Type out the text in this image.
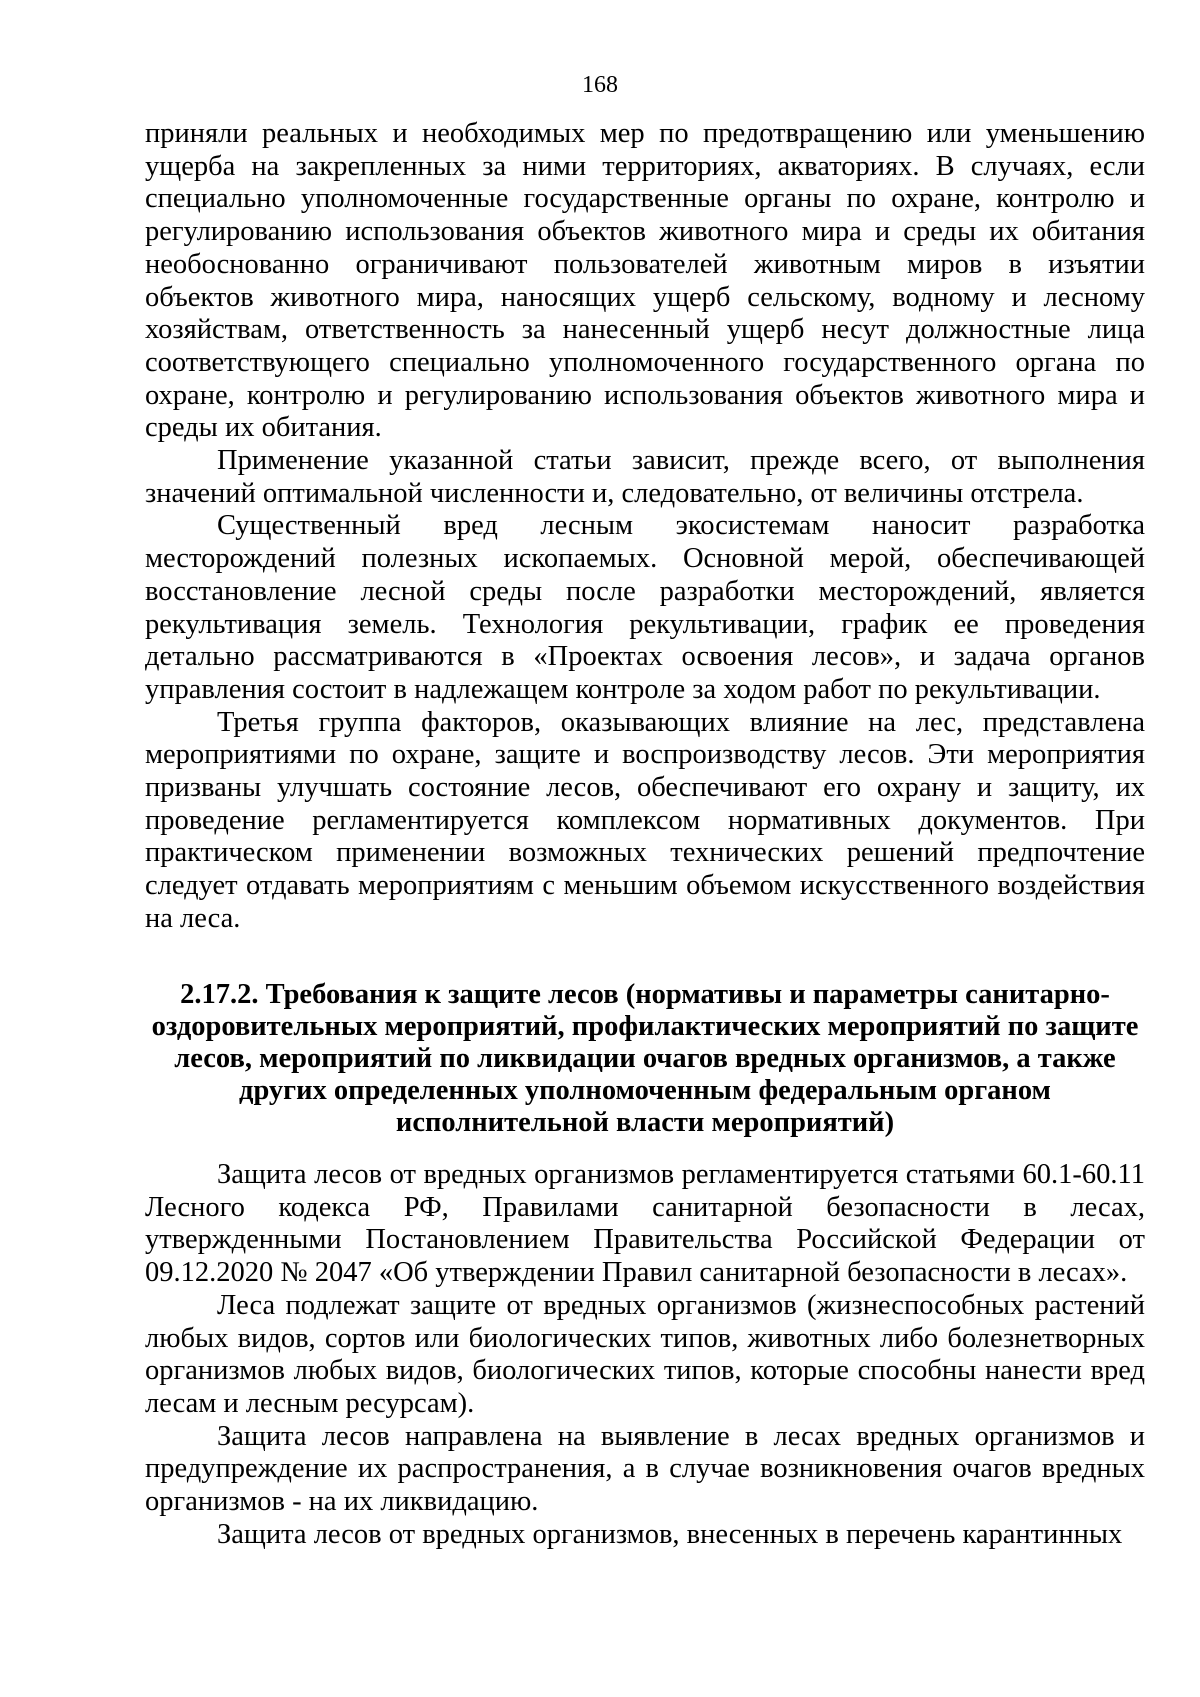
168

приняли реальных и необходимых мер по предотвращению или уменьшению ущерба на закрепленных за ними территориях, акваториях. В случаях, если специально уполномоченные государственные органы по охране, контролю и регулированию использования объектов животного мира и среды их обитания необоснованно ограничивают пользователей животным миров в изъятии объектов животного мира, наносящих ущерб сельскому, водному и лесному хозяйствам, ответственность за нанесенный ущерб несут должностные лица соответствующего специально уполномоченного государственного органа по охране, контролю и регулированию использования объектов животного мира и среды их обитания.

Применение указанной статьи зависит, прежде всего, от выполнения значений оптимальной численности и, следовательно, от величины отстрела.

Существенный вред лесным экосистемам наносит разработка месторождений полезных ископаемых. Основной мерой, обеспечивающей восстановление лесной среды после разработки месторождений, является рекультивация земель. Технология рекультивации, график ее проведения детально рассматриваются в «Проектах освоения лесов», и задача органов управления состоит в надлежащем контроле за ходом работ по рекультивации.

Третья группа факторов, оказывающих влияние на лес, представлена мероприятиями по охране, защите и воспроизводству лесов. Эти мероприятия призваны улучшать состояние лесов, обеспечивают его охрану и защиту, их проведение регламентируется комплексом нормативных документов. При практическом применении возможных технических решений предпочтение следует отдавать мероприятиям с меньшим объемом искусственного воздействия на леса.

2.17.2. Требования к защите лесов (нормативы и параметры санитарно-
оздоровительных мероприятий, профилактических мероприятий по защите
лесов, мероприятий по ликвидации очагов вредных организмов, а также
других определенных уполномоченным федеральным органом
исполнительной власти мероприятий)

Защита лесов от вредных организмов регламентируется статьями 60.1-60.11 Лесного кодекса РФ, Правилами санитарной безопасности в лесах, утвержденными Постановлением Правительства Российской Федерации от 09.12.2020 № 2047 «Об утверждении Правил санитарной безопасности в лесах».

Леса подлежат защите от вредных организмов (жизнеспособных растений любых видов, сортов или биологических типов, животных либо болезнетворных организмов любых видов, биологических типов, которые способны нанести вред лесам и лесным ресурсам).

Защита лесов направлена на выявление в лесах вредных организмов и предупреждение их распространения, а в случае возникновения очагов вредных организмов - на их ликвидацию.

Защита лесов от вредных организмов, внесенных в перечень карантинных
